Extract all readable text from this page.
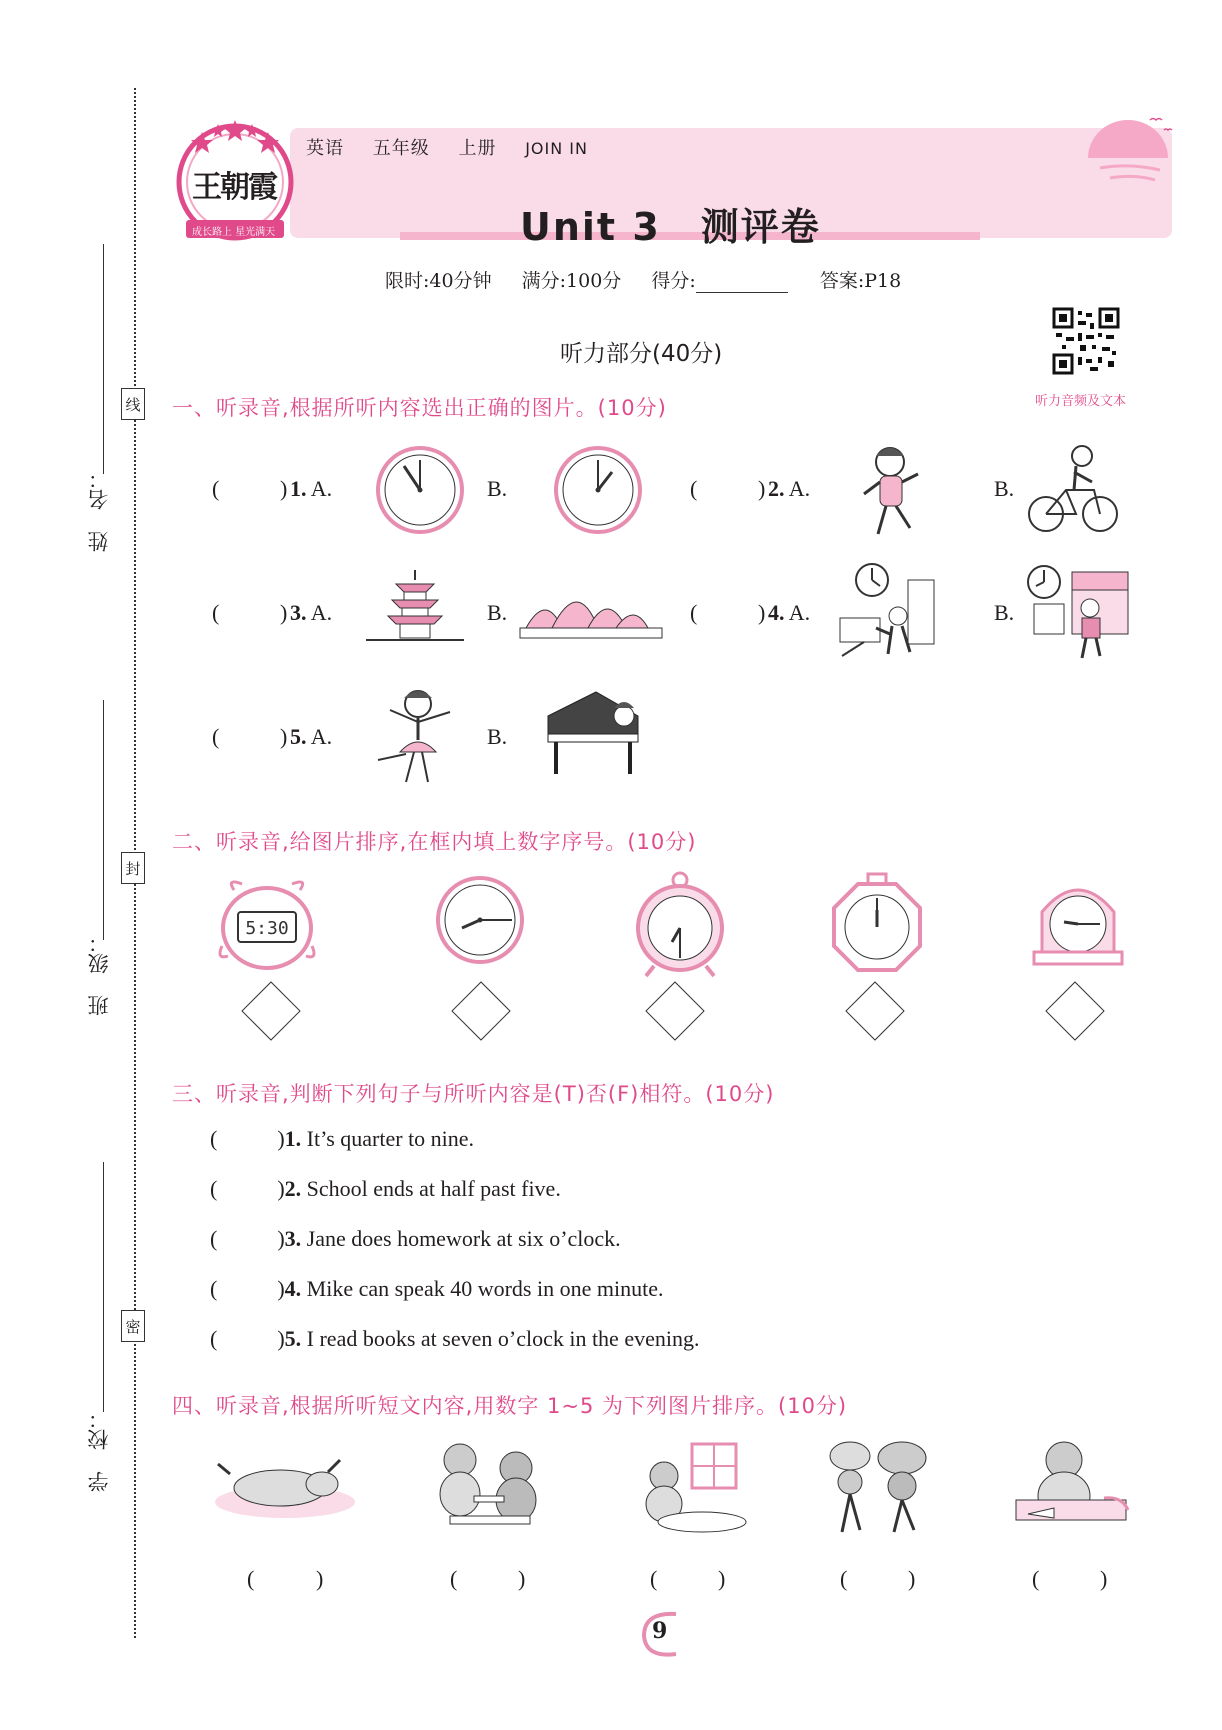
姓　名：
线
班　级：
封
学　校：
密
王朝霞
成长路上 星光满天
英语 五年级 上册 JOIN IN
Unit 3　测评卷
限时:40分钟 满分:100分 得分:	答案:P18
听力音频及文本
听力部分(40分)
一、听录音,根据所听内容选出正确的图片。(10分)
(	) 1. A.	B.	(	) 2. A.	B.
(	) 3. A.	B.	(	) 4. A.	B.
(	) 5. A.	B.
二、听录音,给图片排序,在框内填上数字序号。(10分)
5:30
三、听录音,判断下列句子与所听内容是(T)否(F)相符。(10分)
(	)1. It’s quarter to nine.
(	)2. School ends at half past five.
(	)3. Jane does homework at six o’clock.
(	)4. Mike can speak 40 words in one minute.
(	)5. I read books at seven o’clock in the evening.
四、听录音,根据所听短文内容,用数字 1~5 为下列图片排序。(10分)
(	)	(	)	(	)	(	)	(	)
9
